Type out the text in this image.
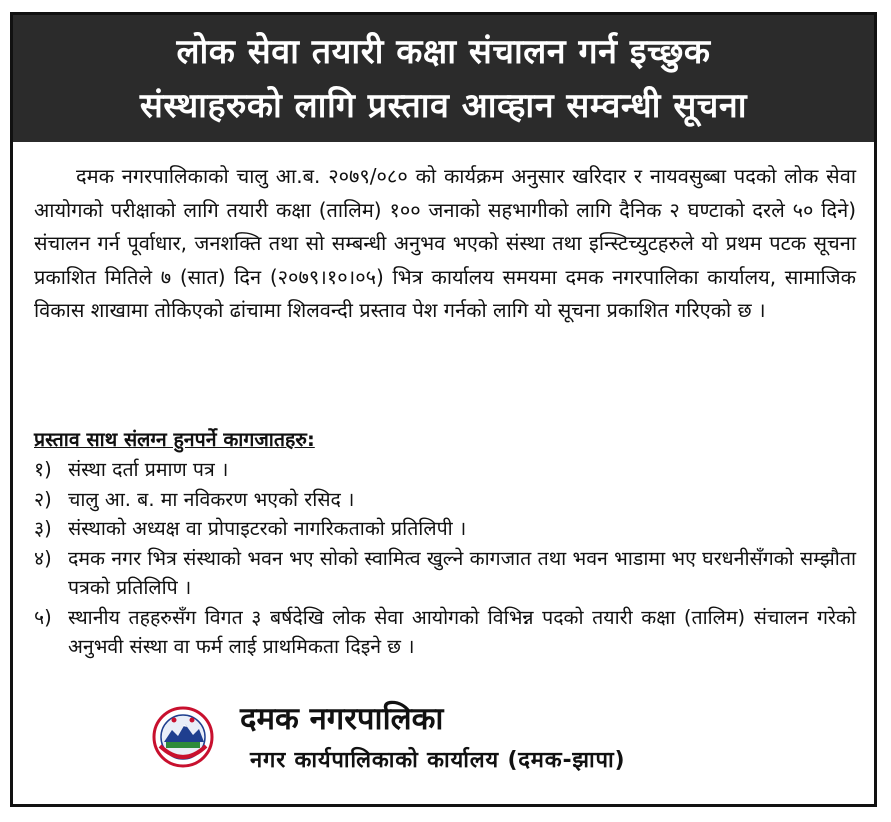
लोक सेवा तयारी कक्षा संचालन गर्न इच्छुक
संस्थाहरुको लागि प्रस्ताव आव्हान सम्वन्धी सूचना

दमक नगरपालिकाको चालु आ.ब. २०७९/०८० को कार्यक्रम अनुसार खरिदार र नायवसुब्बा पदको लोक सेवा आयोगको परीक्षाको लागि तयारी कक्षा (तालिम) १०० जनाको सहभागीको लागि दैनिक २ घण्टाको दरले ५० दिने) संचालन गर्न पूर्वाधार, जनशक्ति तथा सो सम्बन्धी अनुभव भएको संस्था तथा इन्स्टिच्युटहरुले यो प्रथम पटक सूचना प्रकाशित मितिले ७ (सात) दिन (२०७९।१०।०५) भित्र कार्यालय समयमा दमक नगरपालिका कार्यालय, सामाजिक विकास शाखामा तोकिएको ढांचामा शिलवन्दी प्रस्ताव पेश गर्नको लागि यो सूचना प्रकाशित गरिएको छ ।

प्रस्ताव साथ संलग्न हुनपर्ने कागजातहरु:
१) संस्था दर्ता प्रमाण पत्र ।
२) चालु आ. ब. मा नविकरण भएको रसिद ।
३) संस्थाको अध्यक्ष वा प्रोपाइटरको नागरिकताको प्रतिलिपी ।
४) दमक नगर भित्र संस्थाको भवन भए सोको स्वामित्व खुल्ने कागजात तथा भवन भाडामा भए घरधनीसँगको सम्झौता पत्रको प्रतिलिपि ।
५) स्थानीय तहहरुसँग विगत ३ बर्षदेखि लोक सेवा आयोगको विभिन्न पदको तयारी कक्षा (तालिम) संचालन गरेको अनुभवी संस्था वा फर्म लाई प्राथमिकता दिइने छ ।
दमक नगरपालिका
नगर कार्यपालिकाको कार्यालय (दमक-झापा)
